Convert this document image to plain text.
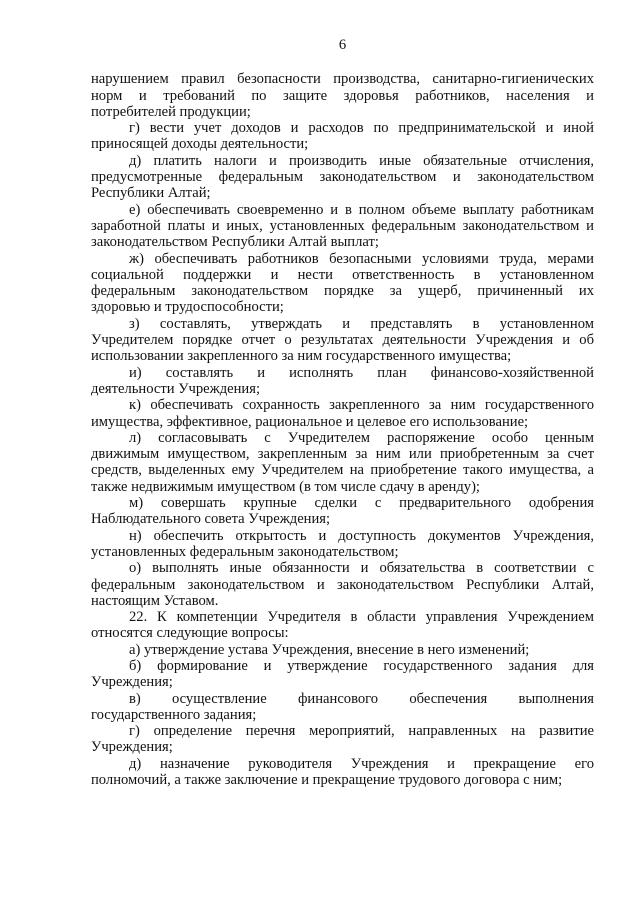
6
нарушением правил безопасности производства, санитарно-гигиенических
норм и требований по защите здоровья работников, населения и
потребителей продукции;
г) вести учет доходов и расходов по предпринимательской и иной
приносящей доходы деятельности;
д) платить налоги и производить иные обязательные отчисления,
предусмотренные федеральным законодательством и законодательством
Республики Алтай;
е) обеспечивать своевременно и в полном объеме выплату работникам
заработной платы и иных, установленных федеральным законодательством и
законодательством Республики Алтай выплат;
ж) обеспечивать работников безопасными условиями труда, мерами
социальной поддержки и нести ответственность в установленном
федеральным законодательством порядке за ущерб, причиненный их
здоровью и трудоспособности;
з) составлять, утверждать и представлять в установленном
Учредителем порядке отчет о результатах деятельности Учреждения и об
использовании закрепленного за ним государственного имущества;
и) составлять и исполнять план финансово-хозяйственной
деятельности Учреждения;
к) обеспечивать сохранность закрепленного за ним государственного
имущества, эффективное, рациональное и целевое его использование;
л) согласовывать с Учредителем распоряжение особо ценным
движимым имуществом, закрепленным за ним или приобретенным за счет
средств, выделенных ему Учредителем на приобретение такого имущества, а
также недвижимым имуществом (в том числе сдачу в аренду);
м) совершать крупные сделки с предварительного одобрения
Наблюдательного совета Учреждения;
н) обеспечить открытость и доступность документов Учреждения,
установленных федеральным законодательством;
о) выполнять иные обязанности и обязательства в соответствии с
федеральным законодательством и законодательством Республики Алтай,
настоящим Уставом.
22. К компетенции Учредителя в области управления Учреждением
относятся следующие вопросы:
а) утверждение устава Учреждения, внесение в него изменений;
б) формирование и утверждение государственного задания для
Учреждения;
в) осуществление финансового обеспечения выполнения
государственного задания;
г) определение перечня мероприятий, направленных на развитие
Учреждения;
д) назначение руководителя Учреждения и прекращение его
полномочий, а также заключение и прекращение трудового договора с ним;
